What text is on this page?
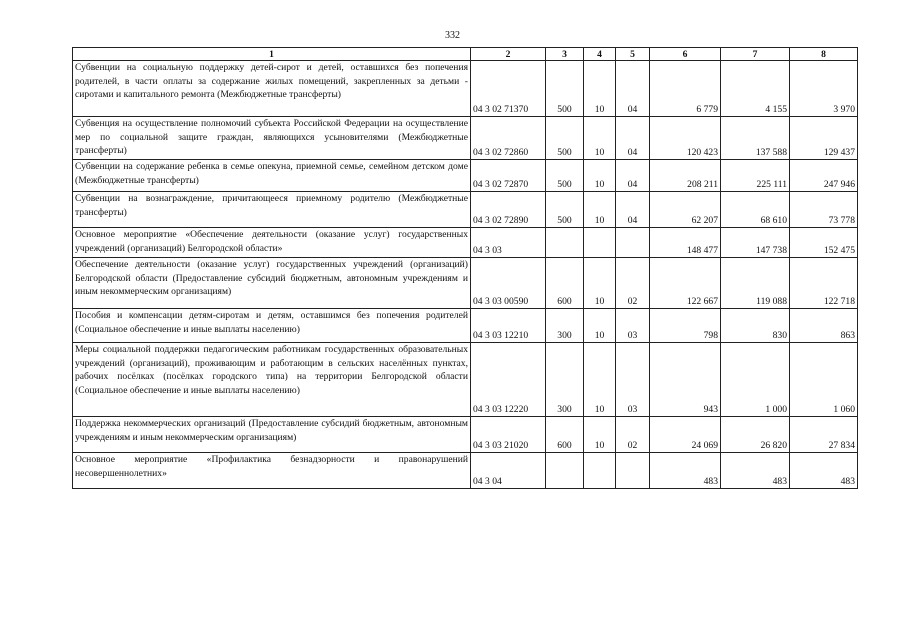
332
1	2	3	4	5	6	7	8
Субвенции на социальную поддержку детей-сирот и детей, оставшихся без попечения родителей, в части оплаты за содержание жилых помещений, закрепленных за детьми - сиротами и капитального ремонта (Межбюджетные трансферты)	04 3 02 71370	500	10	04	6 779	4 155	3 970
Субвенция на осуществление полномочий субъекта Российской Федерации на осуществление мер по социальной защите граждан, являющихся усыновителями (Межбюджетные трансферты)	04 3 02 72860	500	10	04	120 423	137 588	129 437
Субвенции на содержание ребенка в семье опекуна, приемной семье, семейном детском доме (Межбюджетные трансферты)	04 3 02 72870	500	10	04	208 211	225 111	247 946
Субвенции на вознаграждение, причитающееся приемному родителю (Межбюджетные трансферты)	04 3 02 72890	500	10	04	62 207	68 610	73 778
Основное мероприятие «Обеспечение деятельности (оказание услуг) государственных учреждений (организаций) Белгородской области»	04 3 03				148 477	147 738	152 475
Обеспечение деятельности (оказание услуг) государственных учреждений (организаций) Белгородской области (Предоставление субсидий бюджетным, автономным учреждениям и иным некоммерческим организациям)	04 3 03 00590	600	10	02	122 667	119 088	122 718
Пособия и компенсации детям-сиротам и детям, оставшимся без попечения родителей (Социальное обеспечение и иные выплаты населению)	04 3 03 12210	300	10	03	798	830	863
Меры социальной поддержки педагогическим работникам государственных образовательных учреждений (организаций), проживающим и работающим в сельских населённых пунктах, рабочих посёлках (посёлках городского типа) на территории Белгородской области (Социальное обеспечение и иные выплаты населению)	04 3 03 12220	300	10	03	943	1 000	1 060
Поддержка некоммерческих организаций (Предоставление субсидий бюджетным, автономным учреждениям и иным некоммерческим организациям)	04 3 03 21020	600	10	02	24 069	26 820	27 834
Основное мероприятие «Профилактика безнадзорности и правонарушений несовершеннолетних»	04 3 04				483	483	483
